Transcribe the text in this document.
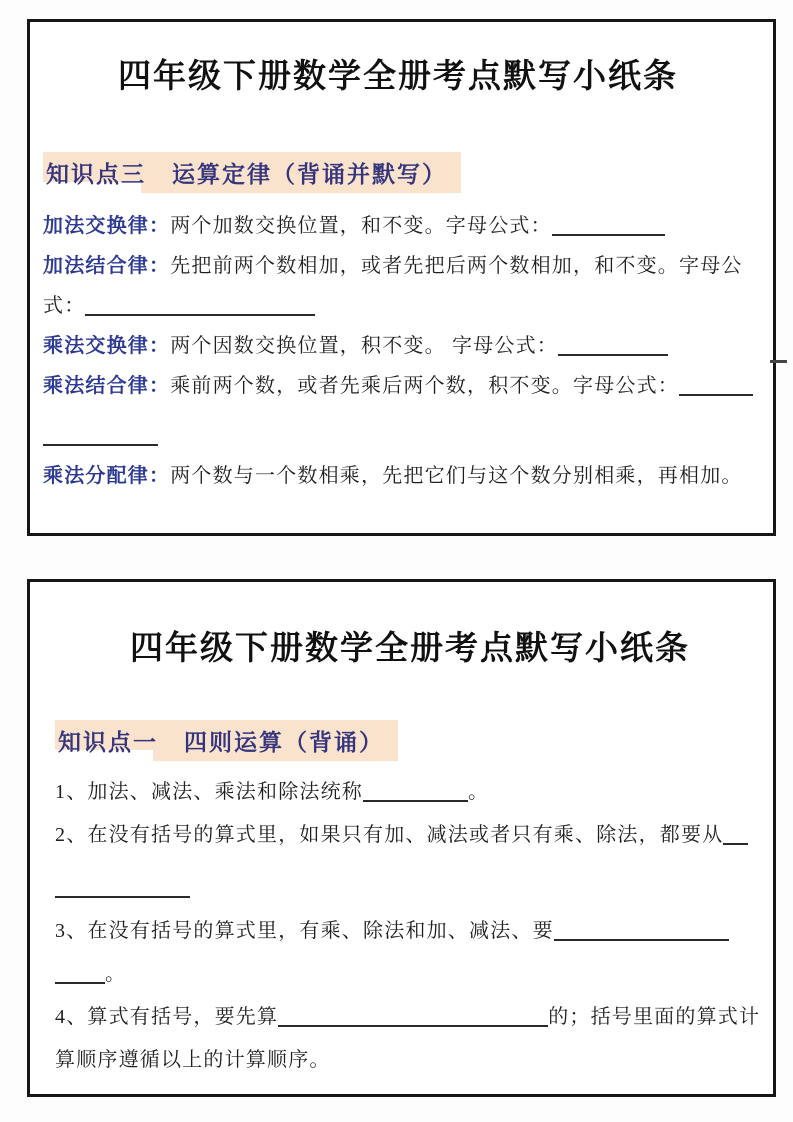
四年级下册数学全册考点默写小纸条
知识点三 运算定律（背诵并默写）

加法交换律：两个加数交换位置，和不变。字母公式：

加法结合律：先把前两个数相加，或者先把后两个数相加，和不变。字母公

式：

乘法交换律：两个因数交换位置，积不变。 字母公式：

乘法结合律：乘前两个数，或者先乘后两个数，积不变。字母公式：

乘法分配律：两个数与一个数相乘，先把它们与这个数分别相乘，再相加。

四年级下册数学全册考点默写小纸条
知识点一 四则运算（背诵）

1、加法、减法、乘法和除法统称	。

2、在没有括号的算式里，如果只有加、减法或者只有乘、除法，都要从

3、在没有括号的算式里，有乘、除法和加、减法、要

。

4、算式有括号，要先算	的；括号里面的算式计

算顺序遵循以上的计算顺序。
